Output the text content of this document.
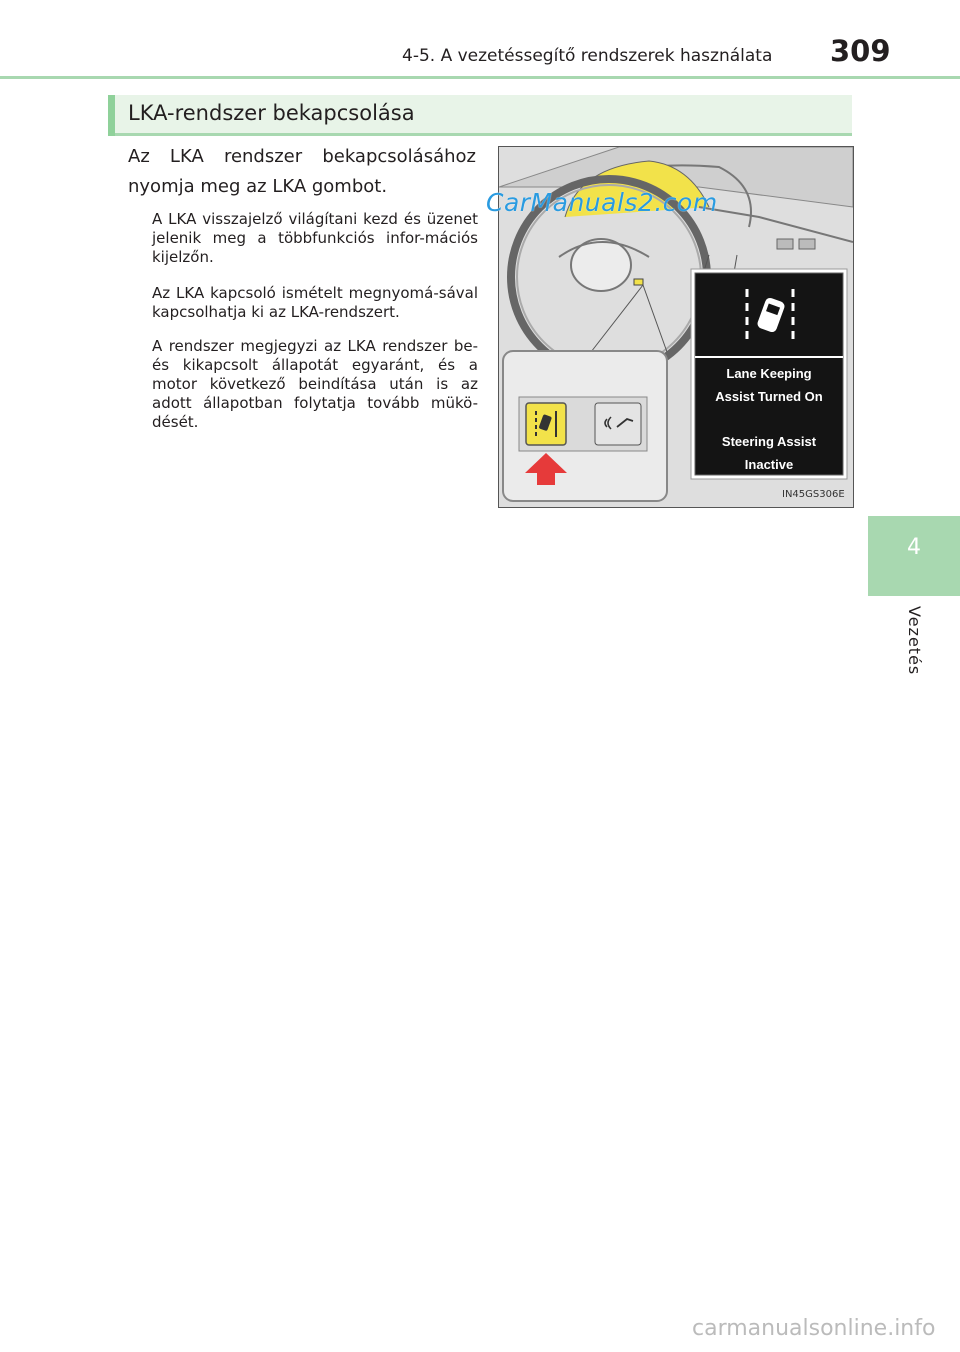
4-5. A vezetéssegítő rendszerek használata 309
4
Vezetés
LKA-rendszer bekapcsolása
Az LKA rendszer bekapcsolásához nyomja meg az LKA gombot.
A LKA visszajelző világítani kezd és üzenet jelenik meg a többfunkciós infor-mációs kijelzőn.
Az LKA kapcsoló ismételt megnyomá-sával kapcsolhatja ki az LKA-rendszert.
A rendszer megjegyzi az LKA rendszer be- és kikapcsolt állapotát egyaránt, és a motor következő beindítása után is az adott állapotban folytatja tovább mükö-dését.
Lane Keeping
Assist Turned On
Steering Assist
Inactive
IN45GS306E
CarManuals2.com
carmanualsonline.info
